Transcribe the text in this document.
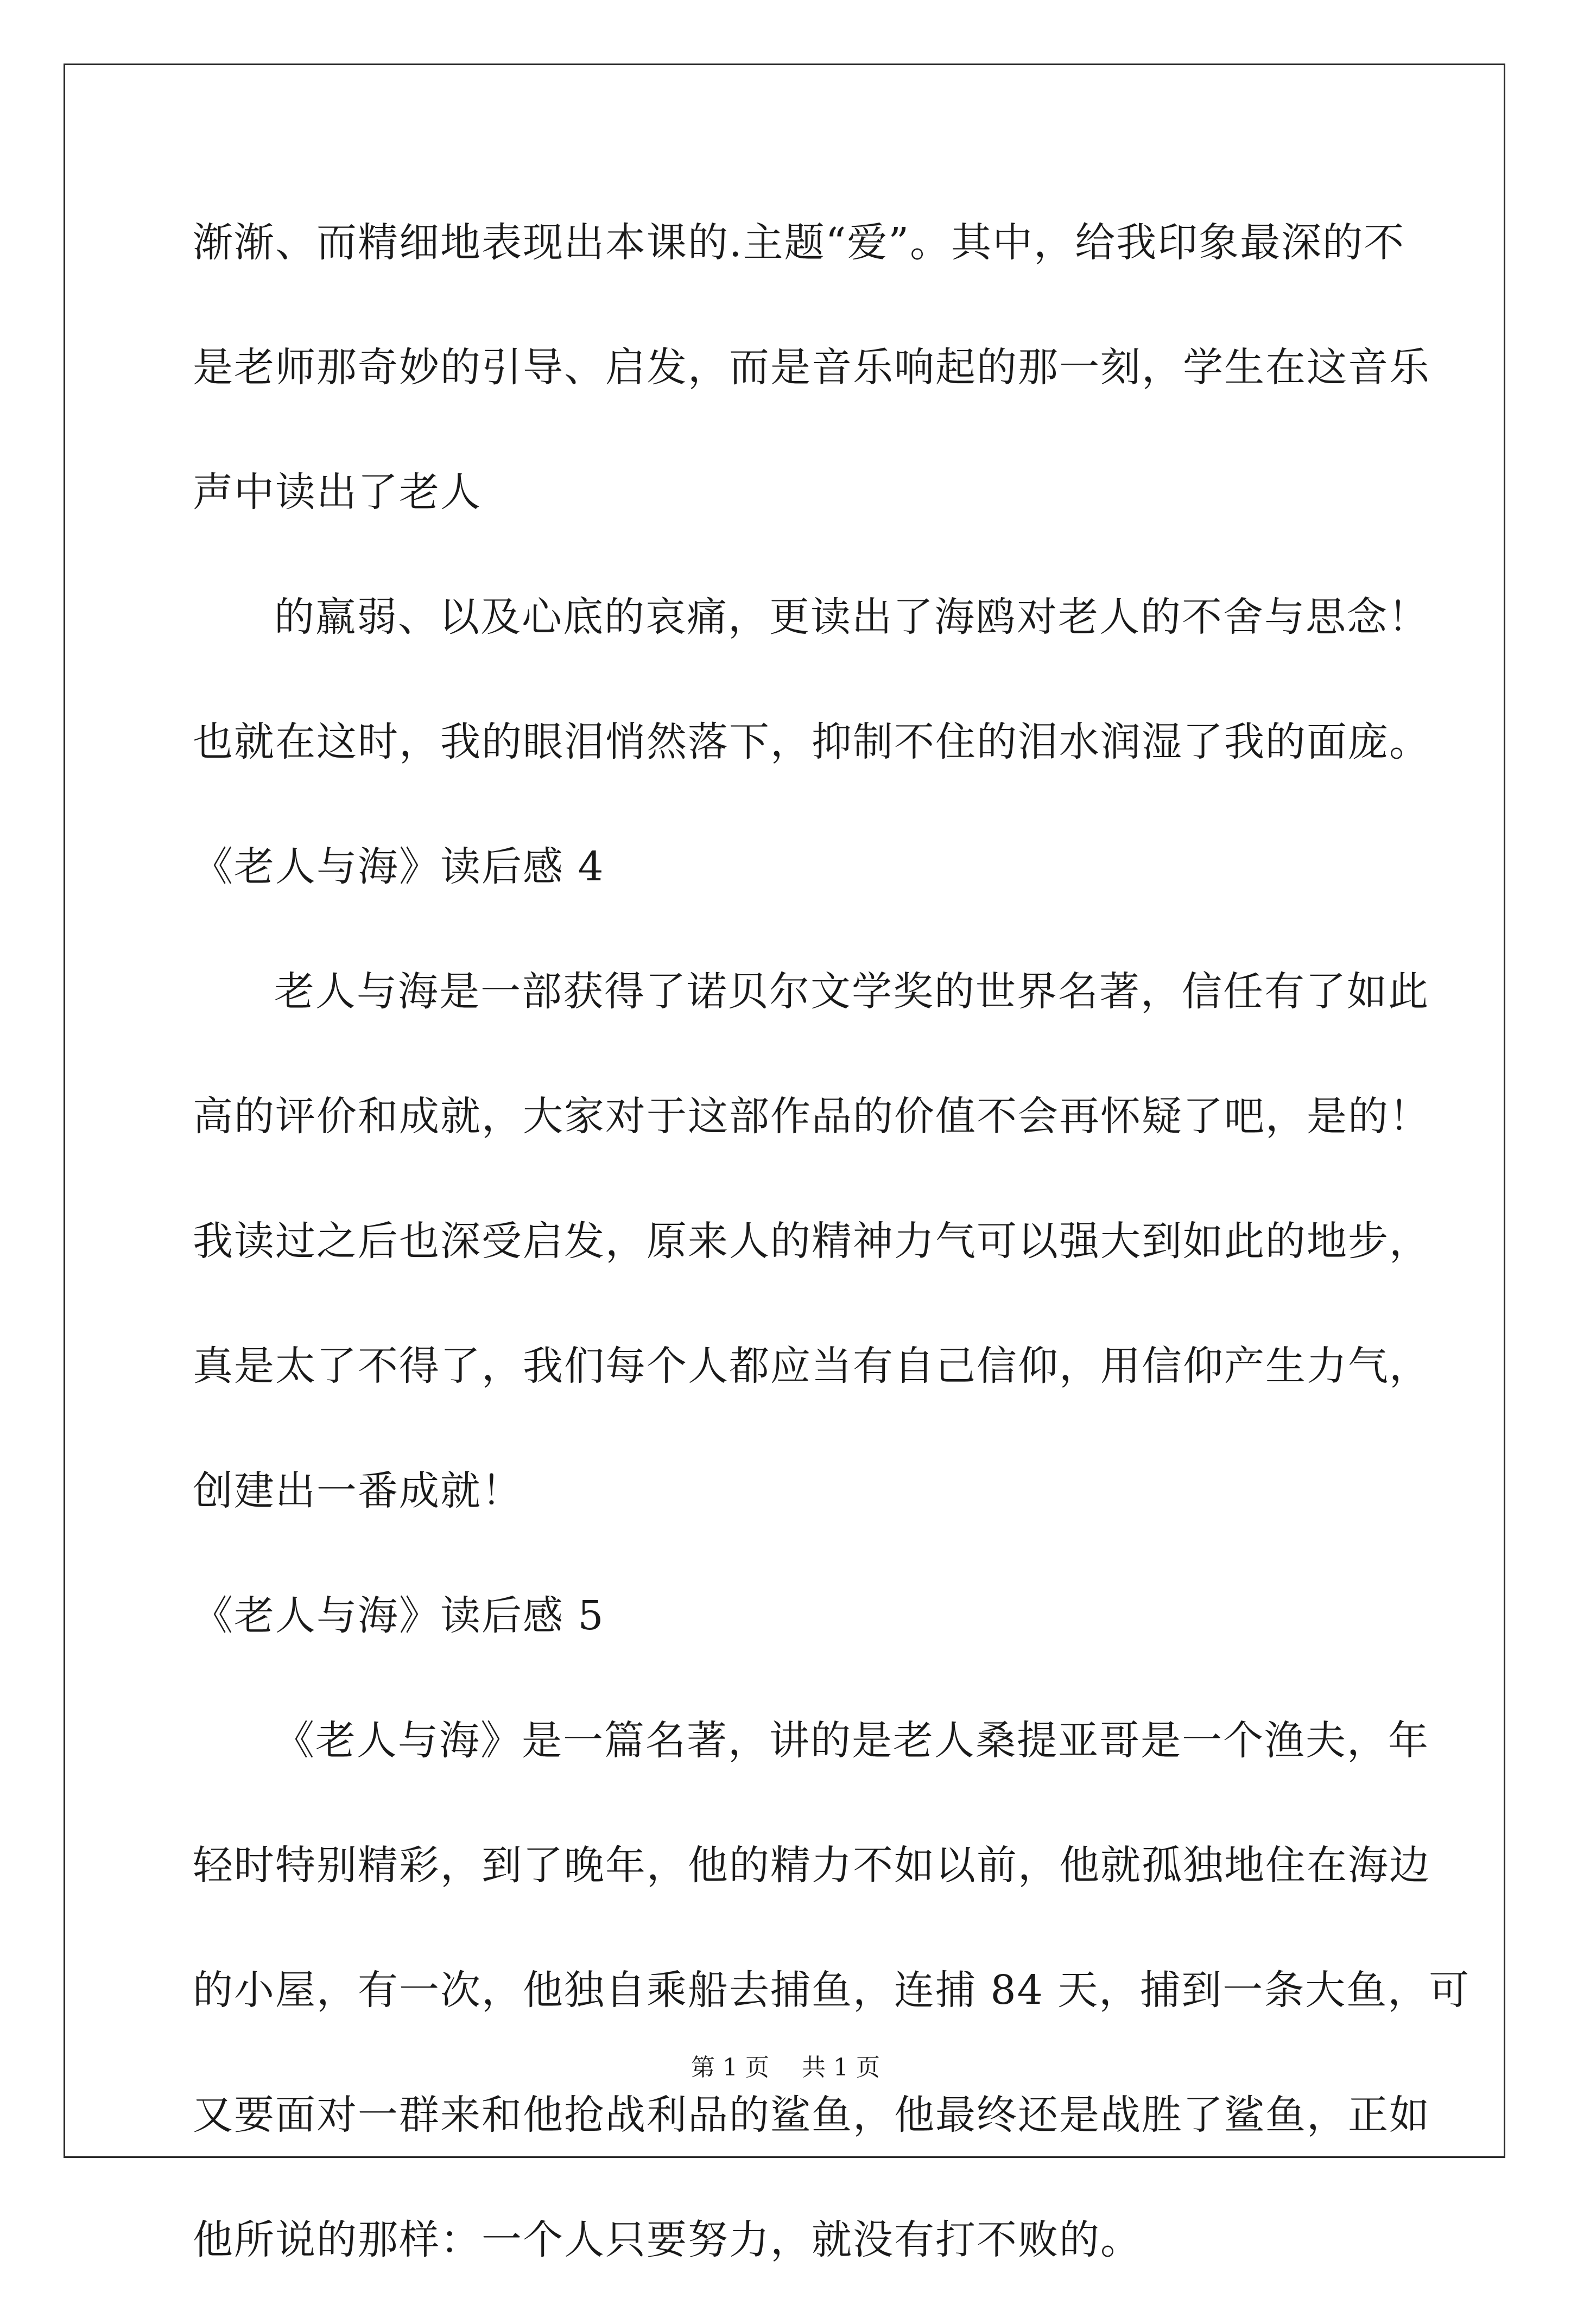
渐渐、而精细地表现出本课的.主题“爱”。其中，给我印象最深的不
是老师那奇妙的引导、启发，而是音乐响起的那一刻，学生在这音乐
声中读出了老人
的羸弱、以及心底的哀痛，更读出了海鸥对老人的不舍与思念！
也就在这时，我的眼泪悄然落下，抑制不住的泪水润湿了我的面庞。
《老人与海》读后感 4
老人与海是一部获得了诺贝尔文学奖的世界名著，信任有了如此
高的评价和成就，大家对于这部作品的价值不会再怀疑了吧，是的！
我读过之后也深受启发，原来人的精神力气可以强大到如此的地步，
真是太了不得了，我们每个人都应当有自己信仰，用信仰产生力气，
创建出一番成就！
《老人与海》读后感 5
《老人与海》是一篇名著，讲的是老人桑提亚哥是一个渔夫，年
轻时特别精彩，到了晚年，他的精力不如以前，他就孤独地住在海边
的小屋，有一次，他独自乘船去捕鱼，连捕 84 天，捕到一条大鱼，可
又要面对一群来和他抢战利品的鲨鱼，他最终还是战胜了鲨鱼，正如
他所说的那样：一个人只要努力，就没有打不败的。
第 1 页 共 1 页
